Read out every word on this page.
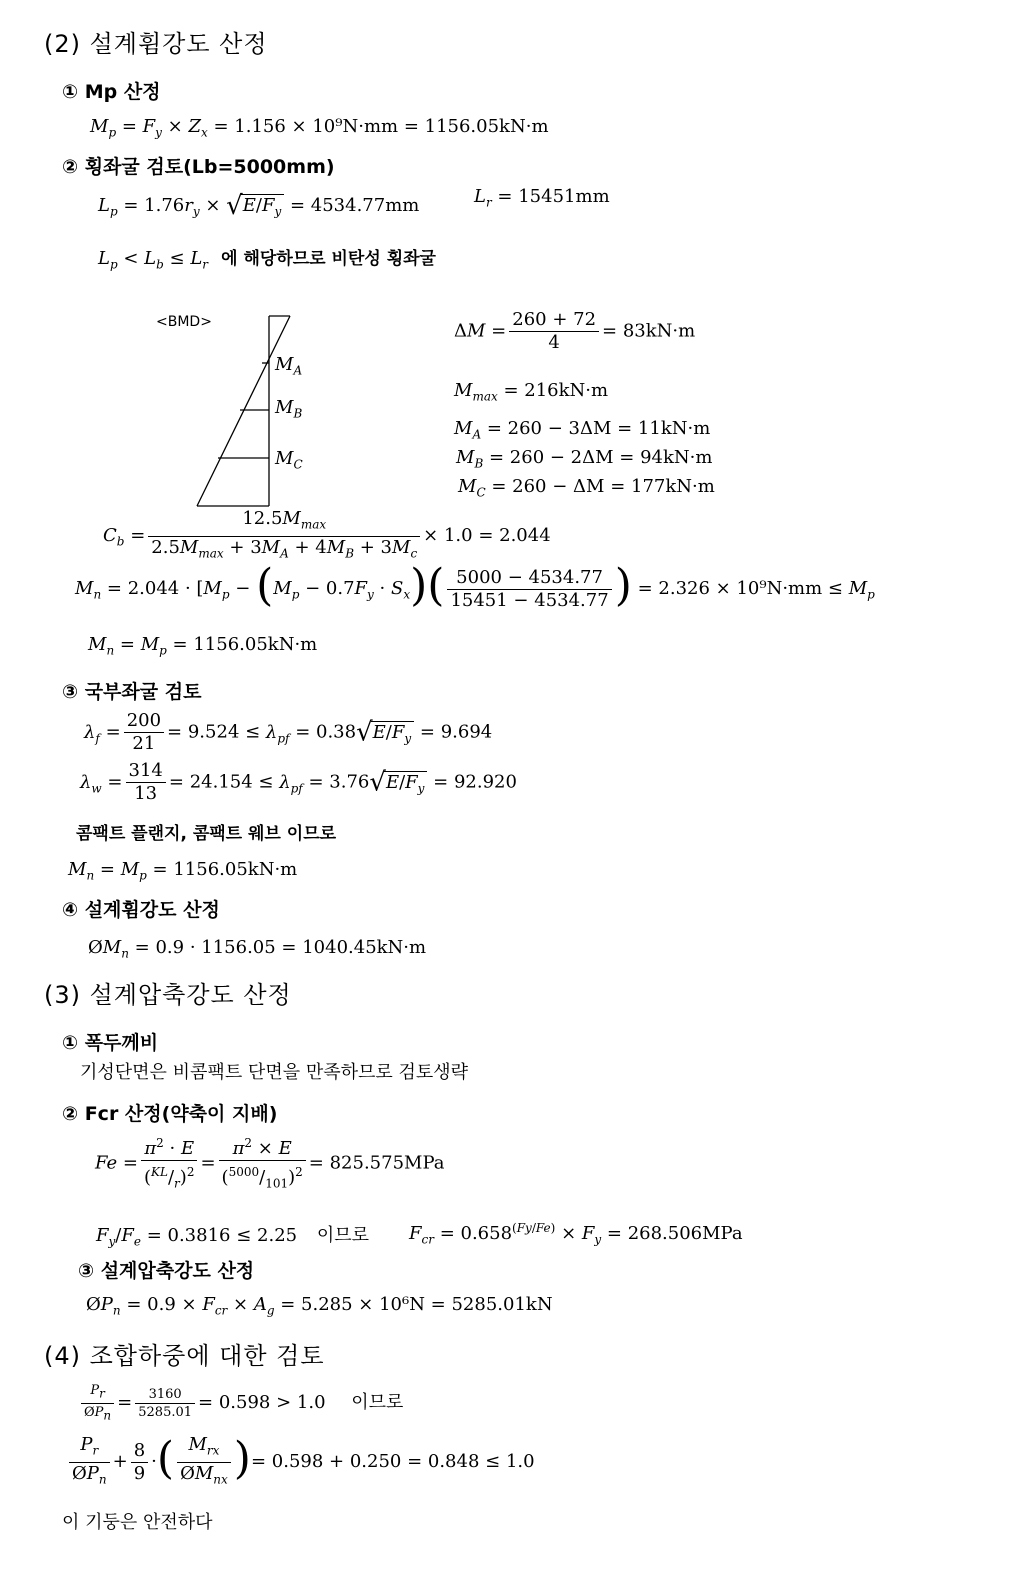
(2) 설계휨강도 산정
① Mp 산정
$M_p = F_y \times Z_x = 1.156 \times 10^9N\cdot mm = 1156.05kN\cdot m$
② 횡좌굴 검토(Lb=5000mm)
$L_p = 1.76r_y \times √E/F_y = 4534.77mm$	$L_r = 15451mm$
$L_p < L_b \le L_r$ 에 해당하므로 비탄성 횡좌굴
<BMD>
$M_A$
$M_B$
$M_C$
$\Delta M = \frac{260 + 72}{4} = 83kN\cdot m$
$M_{max} = 216kN\cdot m$
$M_A = 260 - 3\Delta M = 11kN\cdot m$
$M_B = 260 - 2\Delta M = 94kN\cdot m$
$M_C = 260 - \Delta M = 177kN\cdot m$
$C_b = \frac{12.5M_{max}}{2.5M_{max} + 3M_A + 4M_B + 3M_c} \times 1.0 = 2.044$
$M_n = 2.044 \cdot [M_p - (M_p - 0.7F_y \cdot S_x)( \frac{5000 - 4534.77}{15451 - 4534.77}$ ) = $2.326 \times 10^9N\cdot mm \le M_p$
$M_n = M_p = 1156.05kN\cdot m$
③ 국부좌굴 검토
$\lambda_f = \frac{200}{21} = 9.524 \le \lambda_{pf} = 0.38√E/F_y = 9.694$
$\lambda_w = \frac{314}{13} = 24.154 \le \lambda_{pf} = 3.76√E/F_y = 92.920$
콤팩트 플랜지, 콤팩트 웨브 이므로
$M_n = M_p = 1156.05kN\cdot m$
④ 설계휨강도 산정
$ØM_n = 0.9 \cdot 1156.05 = 1040.45kN\cdot m$
(3) 설계압축강도 산정
① 폭두께비
기성단면은 비콤팩트 단면을 만족하므로 검토생략
② Fcr 산정(약축이 지배)
$Fe = \frac{\pi^2 \cdot E}{(^{KL}/_r)^2} = \frac{\pi^2 \times E}{(^{5000}/_{101})^2} = 825.575MPa$
$F_y/F_e = 0.3816 \le 2.25$ 이므로 $F_{cr} = 0.658^{(Fy/Fe)} \times F_y = 268.506MPa$
③ 설계압축강도 산정
$ØP_n = 0.9 \times F_{cr} \times A_g = 5.285 \times 10^6N = 5285.01kN$
(4) 조합하중에 대한 검토
$\frac{P_r}{ØP_n} = \frac{3160}{5285.01} = 0.598 > 1.0$ 이므로
$\frac{P_r}{ØP_n} + \frac{8}{9}$ ·( $\frac{M_{rx}}{ØM_{nx}}$ )= 0.598 + 0.250 = 0.848 ≤ 1.0
이 기둥은 안전하다
